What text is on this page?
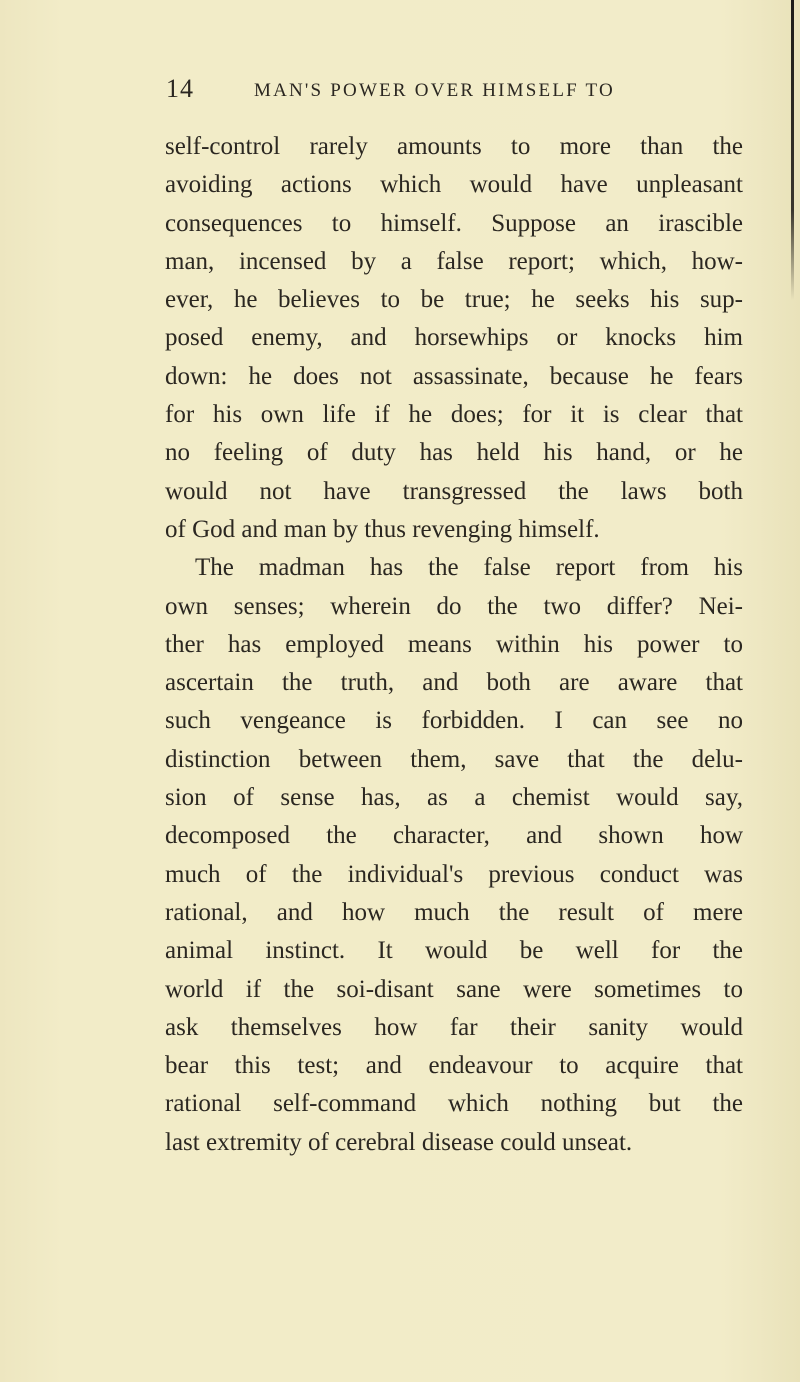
14	MAN'S POWER OVER HIMSELF TO
self-control rarely amounts to more than the
avoiding actions which would have unpleasant
consequences to himself. Suppose an irascible
man, incensed by a false report; which, how-
ever, he believes to be true; he seeks his sup-
posed enemy, and horsewhips or knocks him
down: he does not assassinate, because he fears
for his own life if he does; for it is clear that
no feeling of duty has held his hand, or he
would not have transgressed the laws both
of God and man by thus revenging himself.
The madman has the false report from his
own senses; wherein do the two differ? Nei-
ther has employed means within his power to
ascertain the truth, and both are aware that
such vengeance is forbidden. I can see no
distinction between them, save that the delu-
sion of sense has, as a chemist would say,
decomposed the character, and shown how
much of the individual's previous conduct was
rational, and how much the result of mere
animal instinct. It would be well for the
world if the soi-disant sane were sometimes to
ask themselves how far their sanity would
bear this test; and endeavour to acquire that
rational self-command which nothing but the
last extremity of cerebral disease could unseat.
